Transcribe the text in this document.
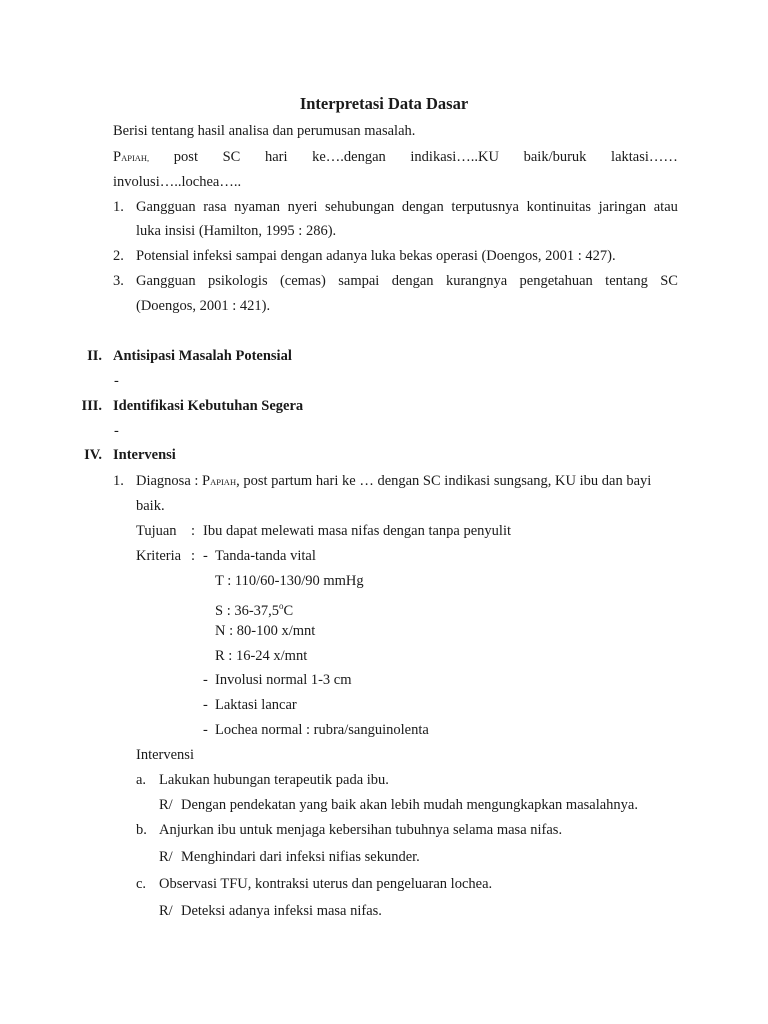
Interpretasi Data Dasar
Berisi tentang hasil analisa dan perumusan masalah.
PAPIAH, post SC hari ke….dengan indikasi…..KU baik/buruk laktasi……
involusi…..lochea…..
1. Gangguan rasa nyaman nyeri sehubungan dengan terputusnya kontinuitas jaringan atau
luka insisi (Hamilton, 1995 : 286).
2. Potensial infeksi sampai dengan adanya luka bekas operasi (Doengos, 2001 : 427).
3. Gangguan psikologis (cemas) sampai dengan kurangnya pengetahuan tentang SC
(Doengos, 2001 : 421).
II. Antisipasi Masalah Potensial
-
III. Identifikasi Kebutuhan Segera
-
IV. Intervensi
1. Diagnosa : PAPIAH, post partum hari ke … dengan SC indikasi sungsang, KU ibu dan bayi
baik.
Tujuan : Ibu dapat melewati masa nifas dengan tanpa penyulit
Kriteria : - Tanda-tanda vital
T : 110/60-130/90 mmHg
S : 36-37,5$^o$C
N : 80-100 x/mnt
R : 16-24 x/mnt
- Involusi normal 1-3 cm
- Laktasi lancar
- Lochea normal : rubra/sanguinolenta
Intervensi
a. Lakukan hubungan terapeutik pada ibu.
R/ Dengan pendekatan yang baik akan lebih mudah mengungkapkan masalahnya.
b. Anjurkan ibu untuk menjaga kebersihan tubuhnya selama masa nifas.
R/ Menghindari dari infeksi nifias sekunder.
c. Observasi TFU, kontraksi uterus dan pengeluaran lochea.
R/ Deteksi adanya infeksi masa nifas.
